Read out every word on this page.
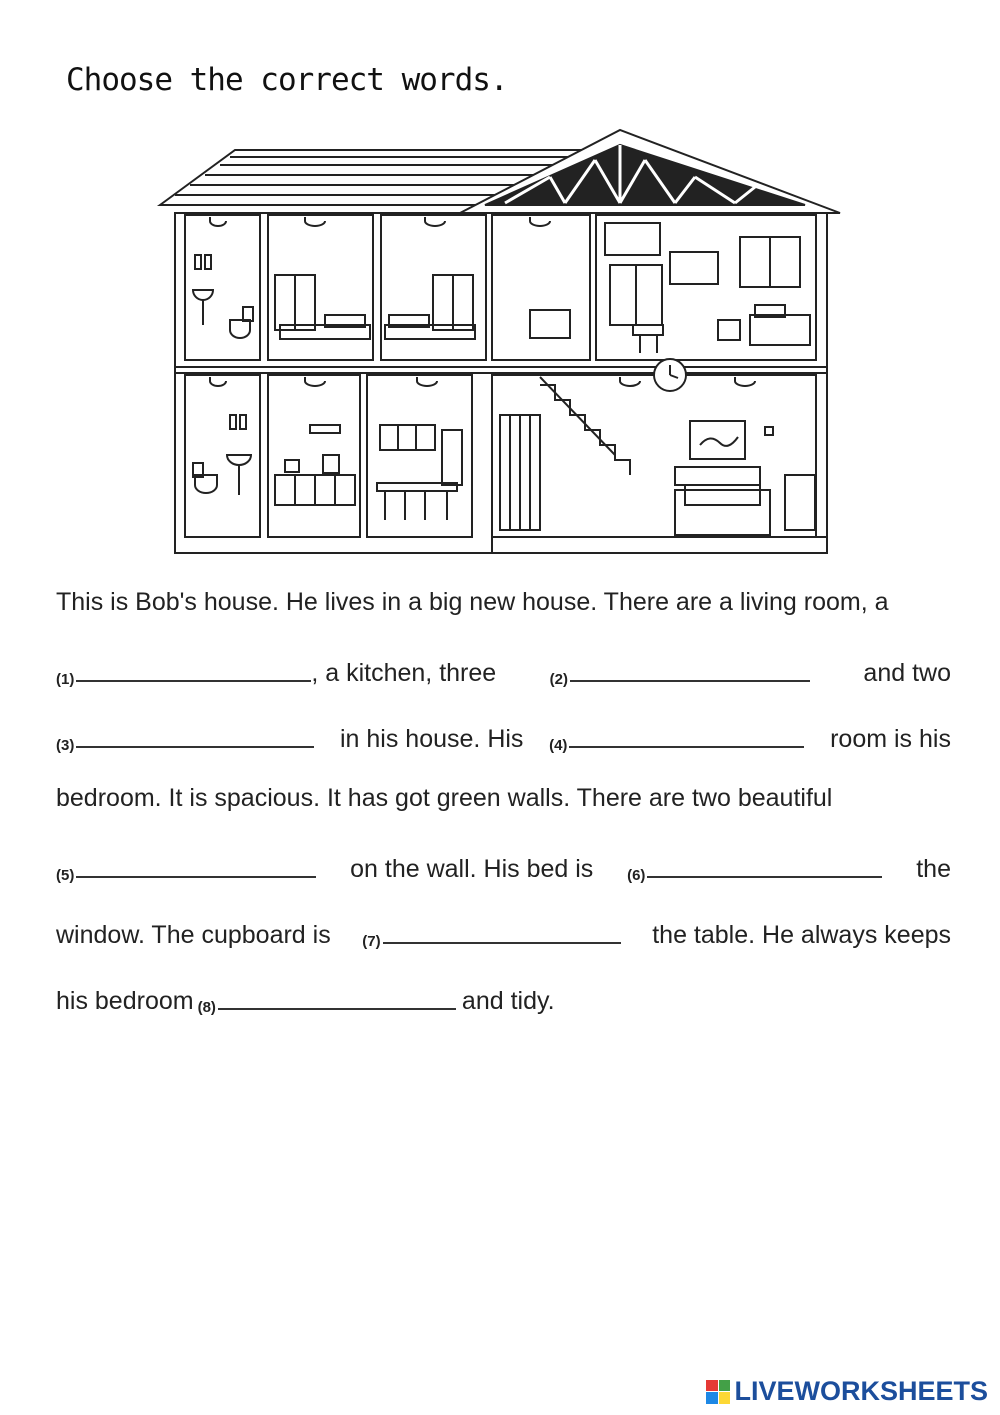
Choose the correct words.
This is Bob's house. He lives in a big new house. There are a living room, a
(1)	, a kitchen, three	(2)	and two
(3)	in his house. His (4)	room is his
bedroom. It is spacious. It has got green walls. There are two beautiful
(5)	on the wall. His bed is (6)	the
window. The cupboard is (7)	the table. He always keeps
his bedroom (8)	and tidy.
LIVEWORKSHEETS
